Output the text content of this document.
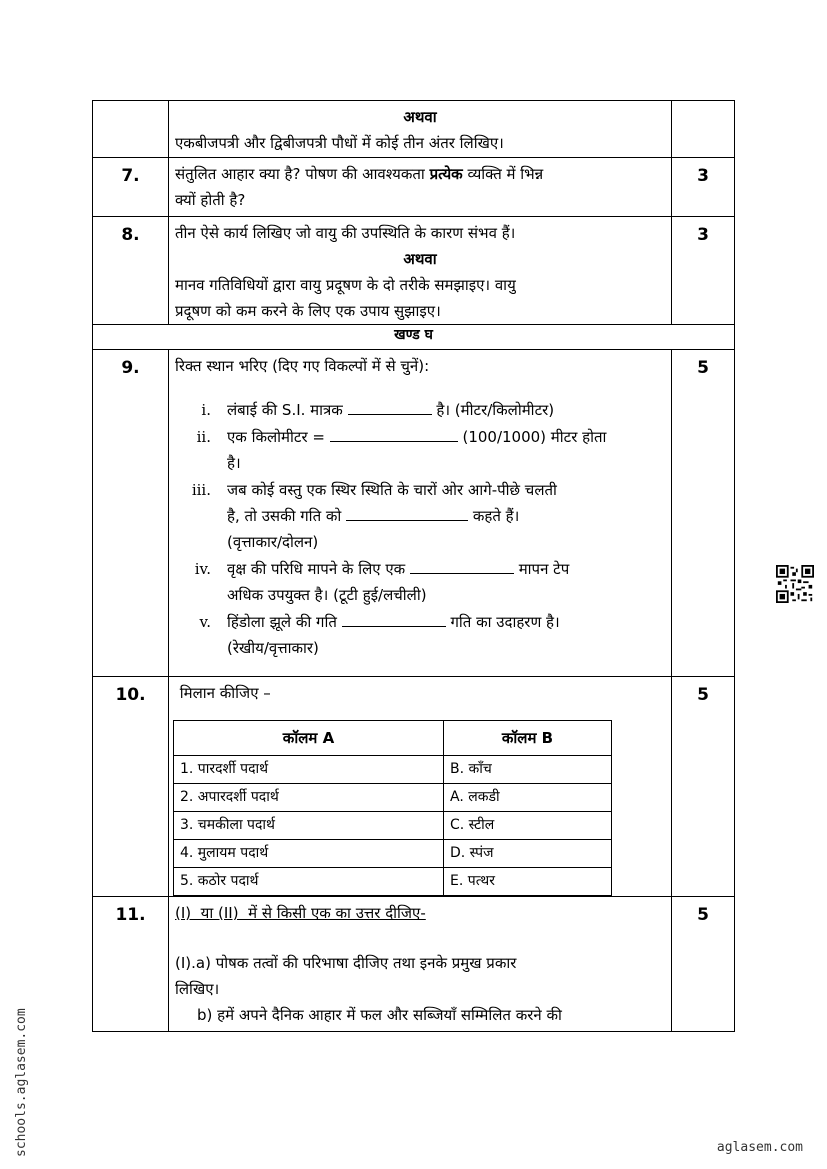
अथवा
एकबीजपत्री और द्विबीजपत्री पौधों में कोई तीन अंतर लिखिए।

7.	संतुलित आहार क्या है? पोषण की आवश्यकता प्रत्येक व्यक्ति में भिन्न
क्यों होती है?
	3
8.	तीन ऐसे कार्य लिखिए जो वायु की उपस्थिति के कारण संभव हैं।
अथवा
मानव गतिविधियों द्वारा वायु प्रदूषण के दो तरीके समझाइए। वायु
प्रदूषण को कम करने के लिए एक उपाय सुझाइए।
	3
खण्ड घ
9.	रिक्त स्थान भरिए (दिए गए विकल्पों में से चुनें):
i. लंबाई की S.I. मात्रक	है। (मीटर/किलोमीटर)
ii. एक किलोमीटर =	(100/1000) मीटर होता
है।
iii. जब कोई वस्तु एक स्थिर स्थिति के चारों ओर आगे-पीछे चलती
है, तो उसकी गति को	कहते हैं।
(वृत्ताकार/दोलन)
iv. वृक्ष की परिधि मापने के लिए एक	मापन टेप
अधिक उपयुक्त है। (टूटी हुई/लचीली)
v. हिंडोला झूले की गति	गति का उदाहरण है।
(रेखीय/वृत्ताकार)
	5
10.	मिलान कीजिए –
कॉलम A	कॉलम B
1. पारदर्शी पदार्थ	B. काँच
2. अपारदर्शी पदार्थ	A. लकडी
3. चमकीला पदार्थ	C. स्टील
4. मुलायम पदार्थ	D. स्पंज
5. कठोर पदार्थ	E. पत्थर
	5
11.	(I)  या (II)  में से किसी एक का उत्तर दीजिए-
(I).a) पोषक तत्वों की परिभाषा दीजिए तथा इनके प्रमुख प्रकार
लिखिए।
b) हमें अपने दैनिक आहार में फल और सब्जियाँ सम्मिलित करने की
	5
schools.aglasem.com	aglasem.com
